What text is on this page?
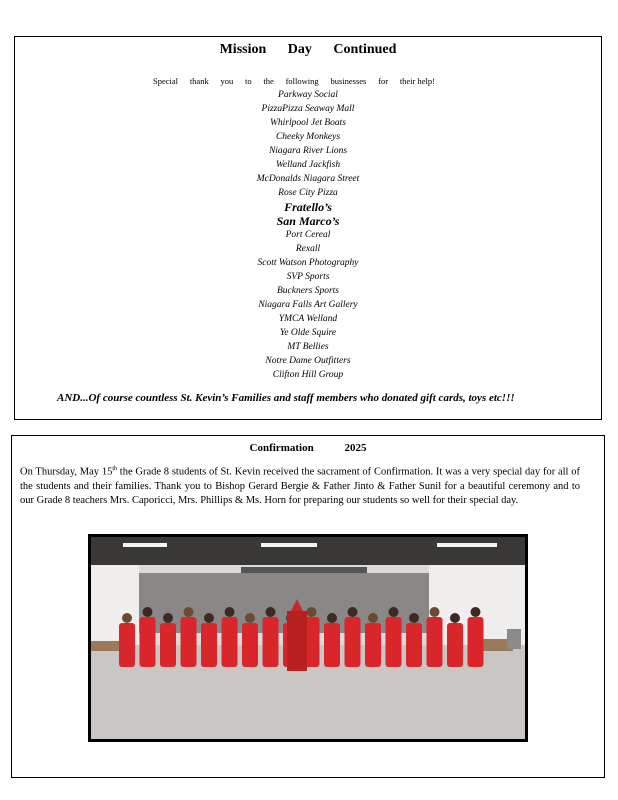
Mission Day Continued
Special thank you to the following businesses for their help!
Parkway Social
PizzaPizza Seaway Mall
Whirlpool Jet Boats
Cheeky Monkeys
Niagara River Lions
Welland Jackfish
McDonalds Niagara Street
Rose City Pizza
Fratello’s
San Marco’s
Port Cereal
Rexall
Scott Watson Photography
SVP Sports
Buckners Sports
Niagara Falls Art Gallery
YMCA Welland
Ye Olde Squire
MT Bellies
Notre Dame Outfitters
Clifton Hill Group
AND...Of course countless St. Kevin’s Families and staff members who donated gift cards, toys etc!!!
Confirmation 2025

On Thursday, May 15th the Grade 8 students of St. Kevin received the sacrament of Confirmation. It was a very special day for all of the students and their families. Thank you to Bishop Gerard Bergie & Father Jinto & Father Sunil for a beautiful ceremony and to our Grade 8 teachers Mrs. Caporicci, Mrs. Phillips & Ms. Horn for preparing our students so well for their special day.
